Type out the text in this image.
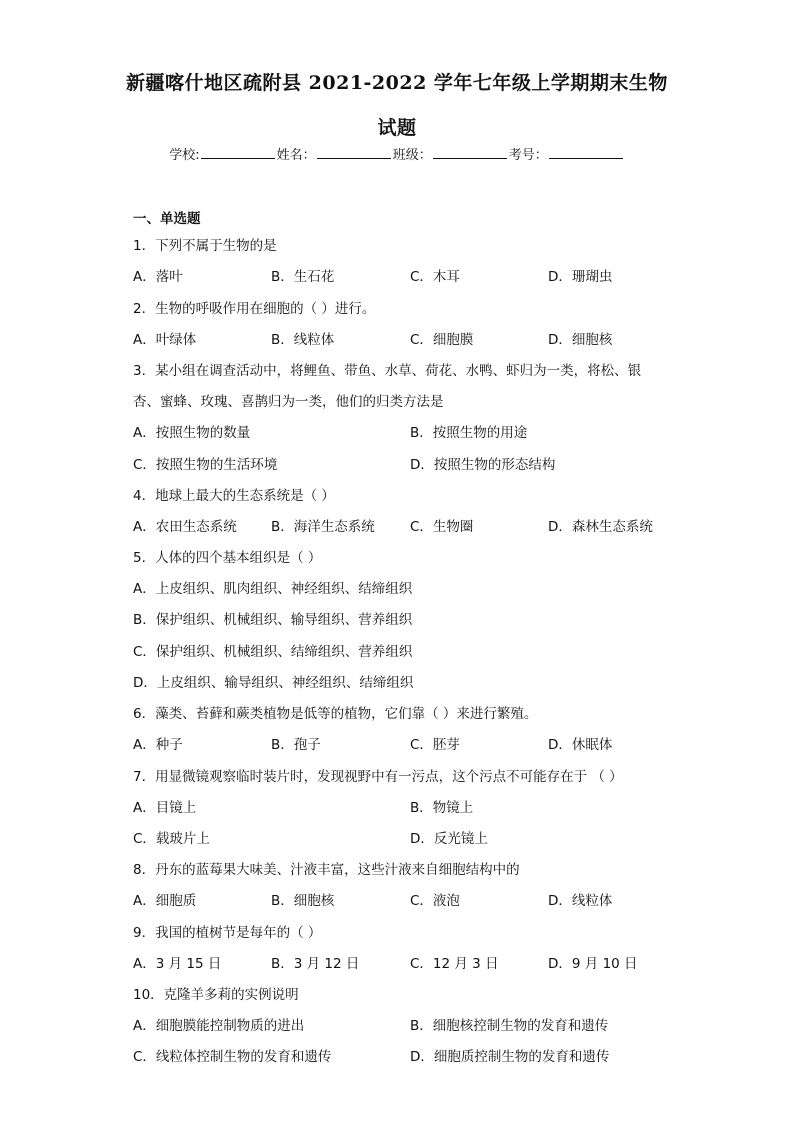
新疆喀什地区疏附县 2021-2022 学年七年级上学期期末生物
试题
学校:	姓名：	班级：	考号：
一、单选题
1．下列不属于生物的是
A．落叶	B．生石花	C．木耳	D．珊瑚虫
2．生物的呼吸作用在细胞的（ ）进行。
A．叶绿体	B．线粒体	C．细胞膜	D．细胞核
3．某小组在调查活动中，将鲤鱼、带鱼、水草、荷花、水鸭、虾归为一类，将松、银
杏、蜜蜂、玫瑰、喜鹊归为一类，他们的归类方法是
A．按照生物的数量	B．按照生物的用途
C．按照生物的生活环境	D．按照生物的形态结构
4．地球上最大的生态系统是（ ）
A．农田生态系统	B．海洋生态系统	C．生物圈	D．森林生态系统
5．人体的四个基本组织是（ ）
A．上皮组织、肌肉组织、神经组织、结缔组织
B．保护组织、机械组织、输导组织、营养组织
C．保护组织、机械组织、结缔组织、营养组织
D．上皮组织、输导组织、神经组织、结缔组织
6．藻类、苔藓和蕨类植物是低等的植物，它们靠（ ）来进行繁殖。
A．种子	B．孢子	C．胚芽	D．休眠体
7．用显微镜观察临时装片时，发现视野中有一污点，这个污点不可能存在于 （ ）
A．目镜上	B．物镜上
C．载玻片上	D．反光镜上
8．丹东的蓝莓果大味美、汁液丰富，这些汁液来自细胞结构中的
A．细胞质	B．细胞核	C．液泡	D．线粒体
9．我国的植树节是每年的（ ）
A．3 月 15 日	B．3 月 12 日	C．12 月 3 日	D．9 月 10 日
10．克隆羊多莉的实例说明
A．细胞膜能控制物质的进出	B．细胞核控制生物的发育和遗传
C．线粒体控制生物的发育和遗传	D．细胞质控制生物的发育和遗传
